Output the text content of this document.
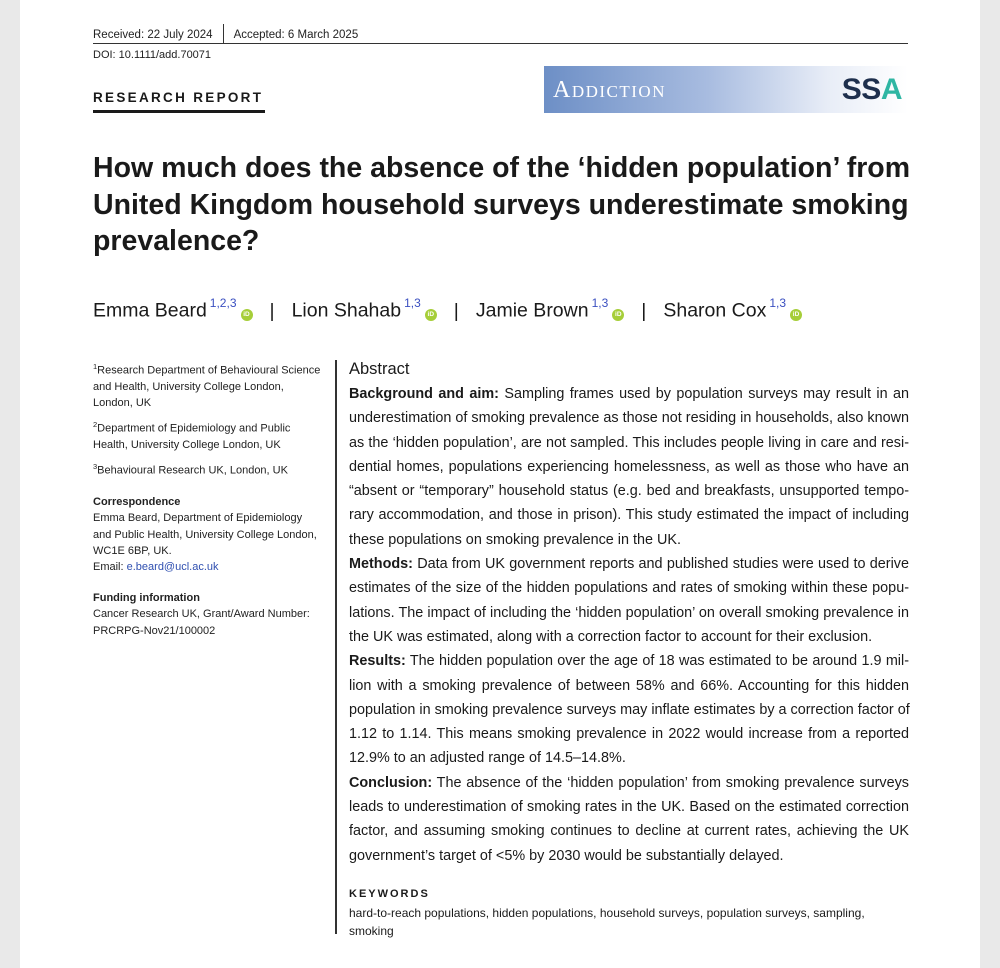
Received: 22 July 2024 Accepted: 6 March 2025
DOI: 10.1111/add.70071
RESEARCH REPORT	Addiction	SSA
How much does the absence of the ‘hidden population’ from
United Kingdom household surveys underestimate smoking
prevalence?
Emma Beard $^{1,2,3}$iD | Lion Shahab $^{1,3}$iD | Jamie Brown $^{1,3}$iD | Sharon Cox $^{1,3}$iD

$^1$Research Department of Behavioural Science
and Health, University College London,
London, UK

$^2$Department of Epidemiology and Public
Health, University College London, UK

$^3$Behavioural Research UK, London, UK

Correspondence
Emma Beard, Department of Epidemiology
and Public Health, University College London,
WC1E 6BP, UK.
Email: e.beard@ucl.ac.uk
Funding information
Cancer Research UK, Grant/Award Number:
PRCRPG-Nov21/100002
Abstract
Background and aim: Sampling frames used by population surveys may result in an
underestimation of smoking prevalence as those not residing in households, also known
as the ‘hidden population’, are not sampled. This includes people living in care and resi-
dential homes, populations experiencing homelessness, as well as those who have an
“absent or “temporary” household status (e.g. bed and breakfasts, unsupported tempo-
rary accommodation, and those in prison). This study estimated the impact of including
these populations on smoking prevalence in the UK.
Methods: Data from UK government reports and published studies were used to derive
estimates of the size of the hidden populations and rates of smoking within these popu-
lations. The impact of including the ‘hidden population’ on overall smoking prevalence in
the UK was estimated, along with a correction factor to account for their exclusion.
Results: The hidden population over the age of 18 was estimated to be around 1.9 mil-
lion with a smoking prevalence of between 58% and 66%. Accounting for this hidden
population in smoking prevalence surveys may inflate estimates by a correction factor of
1.12 to 1.14. This means smoking prevalence in 2022 would increase from a reported
12.9% to an adjusted range of 14.5–14.8%.
Conclusion: The absence of the ‘hidden population’ from smoking prevalence surveys
leads to underestimation of smoking rates in the UK. Based on the estimated correction
factor, and assuming smoking continues to decline at current rates, achieving the UK
government’s target of <5% by 2030 would be substantially delayed.
KEYWORDS
hard-to-reach populations, hidden populations, household surveys, population surveys, sampling, smoking
